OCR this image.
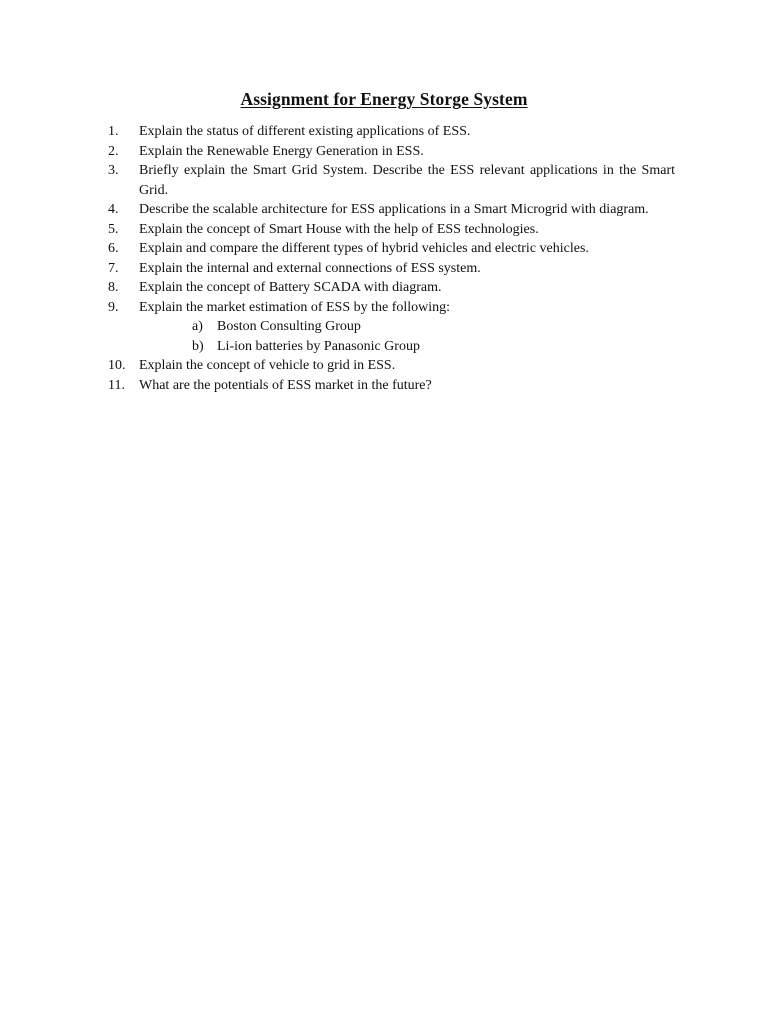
Assignment for Energy Storge System
1.	Explain the status of different existing applications of ESS.
2.	Explain the Renewable Energy Generation in ESS.
3.	Briefly explain the Smart Grid System. Describe the ESS relevant applications in the Smart Grid.
4.	Describe the scalable architecture for ESS applications in a Smart Microgrid with diagram.
5.	Explain the concept of Smart House with the help of ESS technologies.
6.	Explain and compare the different types of hybrid vehicles and electric vehicles.
7.	Explain the internal and external connections of ESS system.
8.	Explain the concept of Battery SCADA with diagram.
9.	Explain the market estimation of ESS by the following:
a) Boston Consulting Group
b) Li-ion batteries by Panasonic Group
10. Explain the concept of vehicle to grid in ESS.
11.	What are the potentials of ESS market in the future?
